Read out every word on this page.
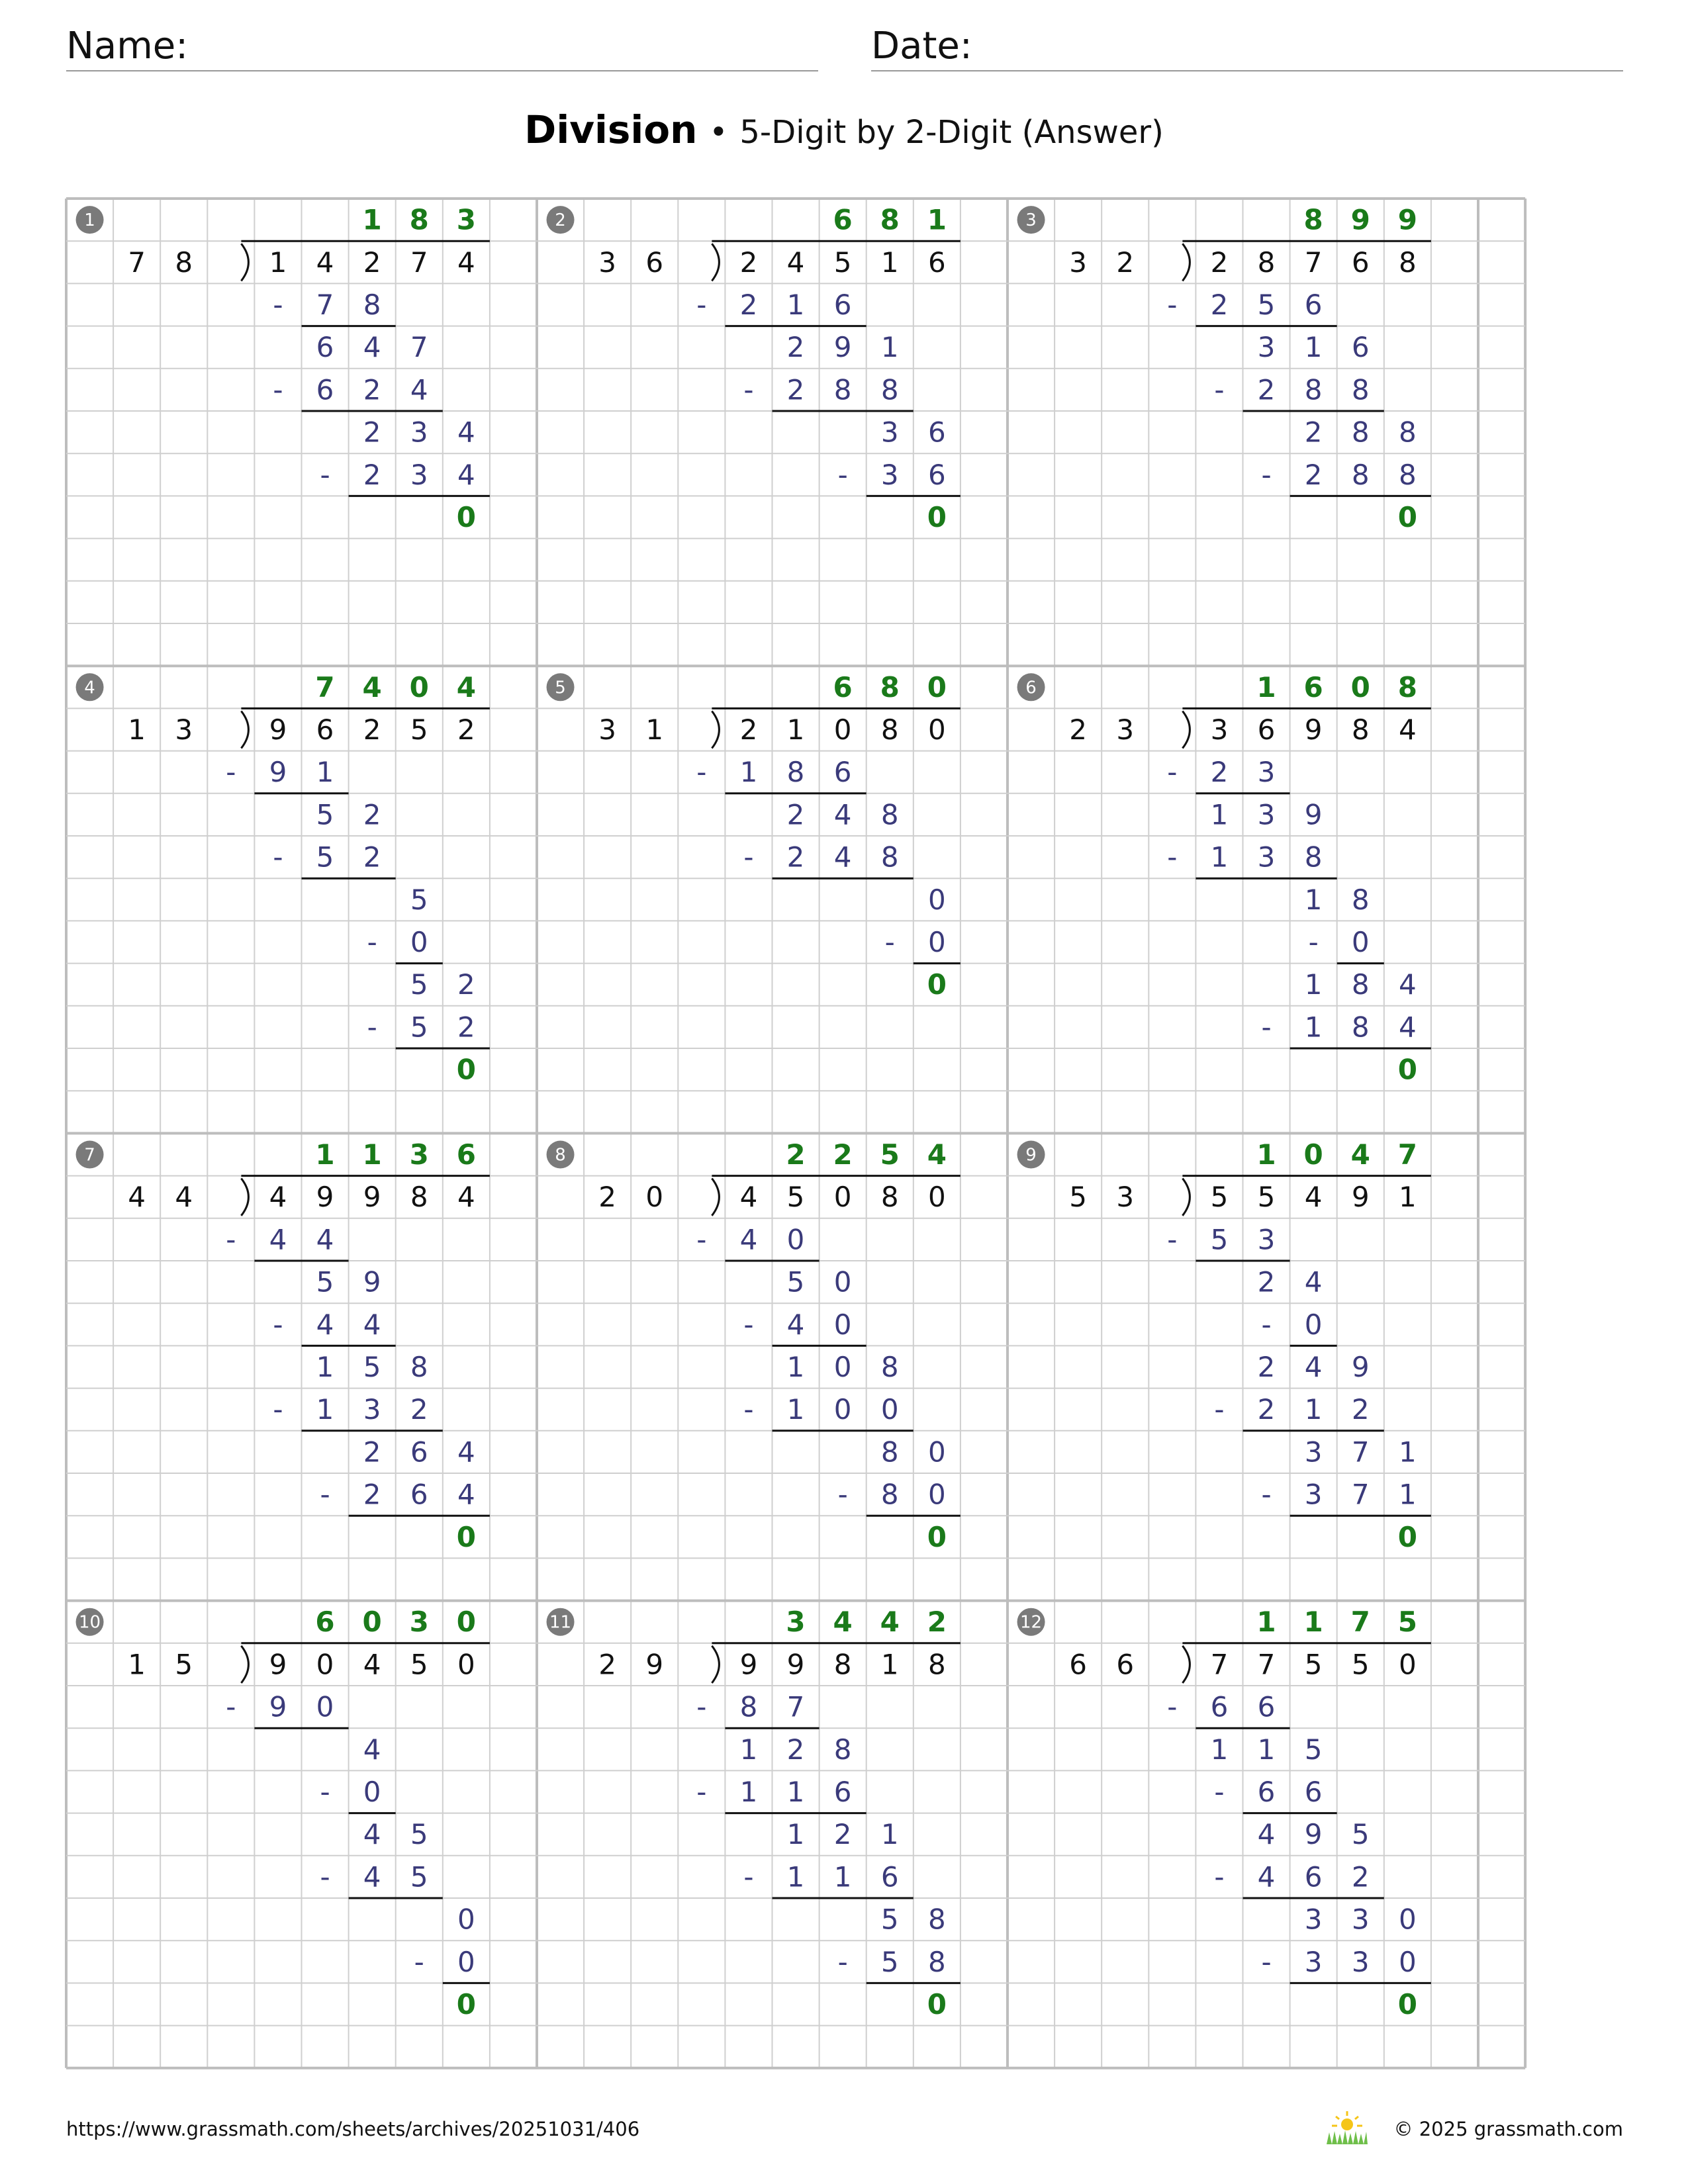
Name:	Date:
Division • 5-Digit by 2-Digit (Answer)
1	1 8 3
7 8	1 4 2 7 4
- 7 8
6 4 7
- 6 2 4
2 3 4
- 2 3 4
0
2	6 8 1
3 6	2 4 5 1 6
- 2 1 6
2 9 1
- 2 8 8
3 6
- 3 6
0
3	8 9 9
3 2	2 8 7 6 8
- 2 5 6
3 1 6
- 2 8 8
2 8 8
- 2 8 8
0
4	7 4 0 4
1 3	9 6 2 5 2
- 9 1
5 2
- 5 2
5
- 0
5 2
- 5 2
0
5	6 8 0
3 1	2 1 0 8 0
- 1 8 6
2 4 8
- 2 4 8
0
- 0
0
6	1 6 0 8
2 3	3 6 9 8 4
- 2 3
1 3 9
- 1 3 8
1 8
- 0
1 8 4
- 1 8 4
0
7	1 1 3 6
4 4	4 9 9 8 4
- 4 4
5 9
- 4 4
1 5 8
- 1 3 2
2 6 4
- 2 6 4
0
8	2 2 5 4
2 0	4 5 0 8 0
- 4 0
5 0
- 4 0
1 0 8
- 1 0 0
8 0
- 8 0
0
9	1 0 4 7
5 3	5 5 4 9 1
- 5 3
2 4
- 0
2 4 9
- 2 1 2
3 7 1
- 3 7 1
0
10	6 0 3 0
1 5	9 0 4 5 0
- 9 0
4
- 0
4 5
- 4 5
0
- 0
0
11	3 4 4 2
2 9	9 9 8 1 8
- 8 7
1 2 8
- 1 1 6
1 2 1
- 1 1 6
5 8
- 5 8
0
12	1 1 7 5
6 6	7 7 5 5 0
- 6 6
1 1 5
- 6 6
4 9 5
- 4 6 2
3 3 0
- 3 3 0
0
https://www.grassmath.com/sheets/archives/20251031/406	© 2025 grassmath.com
